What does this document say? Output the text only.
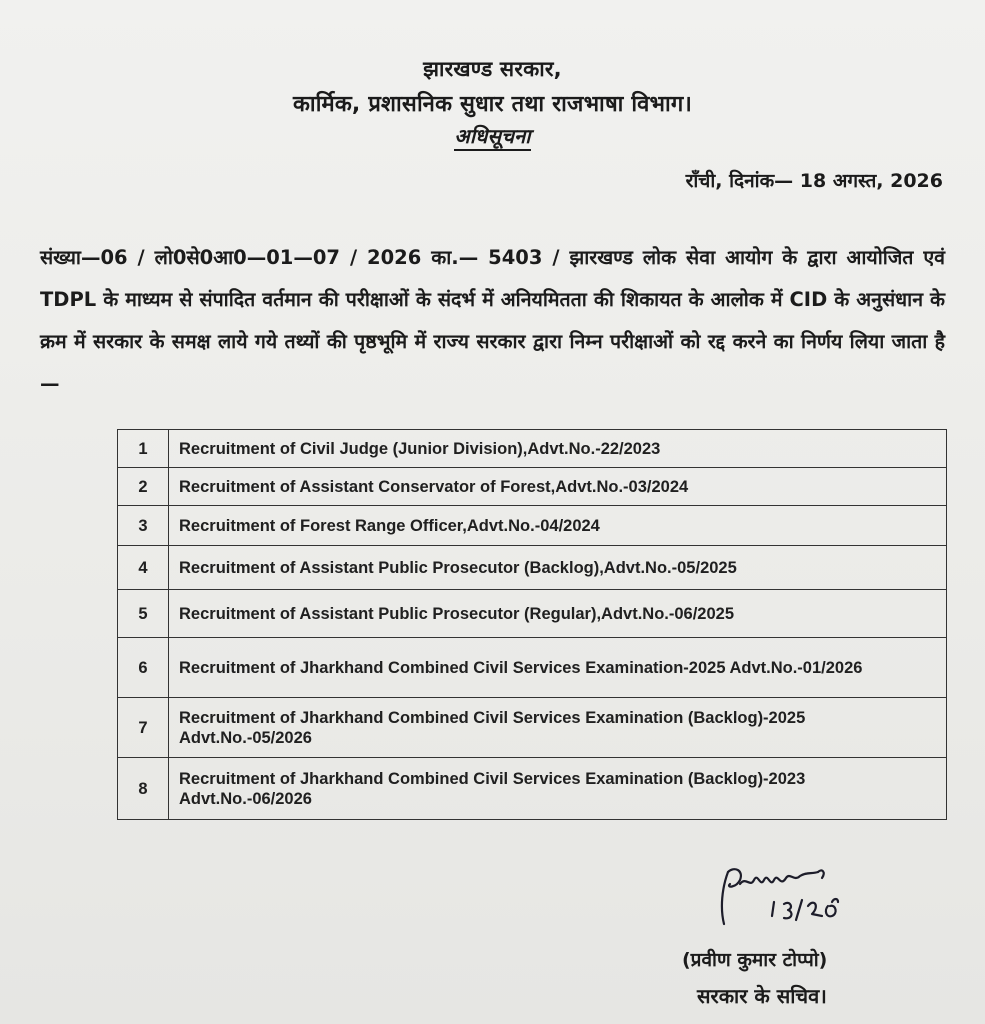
झारखण्ड सरकार,
कार्मिक, प्रशासनिक सुधार तथा राजभाषा विभाग।
अधिसूचना
राँची, दिनांक— 18 अगस्त, 2026
संख्या—06 / लो0से0आ0—01—07 / 2026 का.— 5403 / झारखण्ड लोक सेवा आयोग के द्वारा आयोजित एवं TDPL के माध्यम से संपादित वर्तमान की परीक्षाओं के संदर्भ में अनियमितता की शिकायत के आलोक में CID के अनुसंधान के क्रम में सरकार के समक्ष लाये गये तथ्यों की पृष्ठभूमि में राज्य सरकार द्वारा निम्न परीक्षाओं को रद्द करने का निर्णय लिया जाता है—
1	Recruitment of Civil Judge (Junior Division),Advt.No.-22/2023
2	Recruitment of Assistant Conservator of Forest,Advt.No.-03/2024
3	Recruitment of Forest Range Officer,Advt.No.-04/2024
4	Recruitment of Assistant Public Prosecutor (Backlog),Advt.No.-05/2025
5	Recruitment of Assistant Public Prosecutor (Regular),Advt.No.-06/2025
6	Recruitment of Jharkhand Combined Civil Services Examination-2025 Advt.No.-01/2026
7	Recruitment of Jharkhand Combined Civil Services Examination (Backlog)-2025 Advt.No.-05/2026
8	Recruitment of Jharkhand Combined Civil Services Examination (Backlog)-2023 Advt.No.-06/2026
(प्रवीण कुमार टोप्पो)
सरकार के सचिव।
